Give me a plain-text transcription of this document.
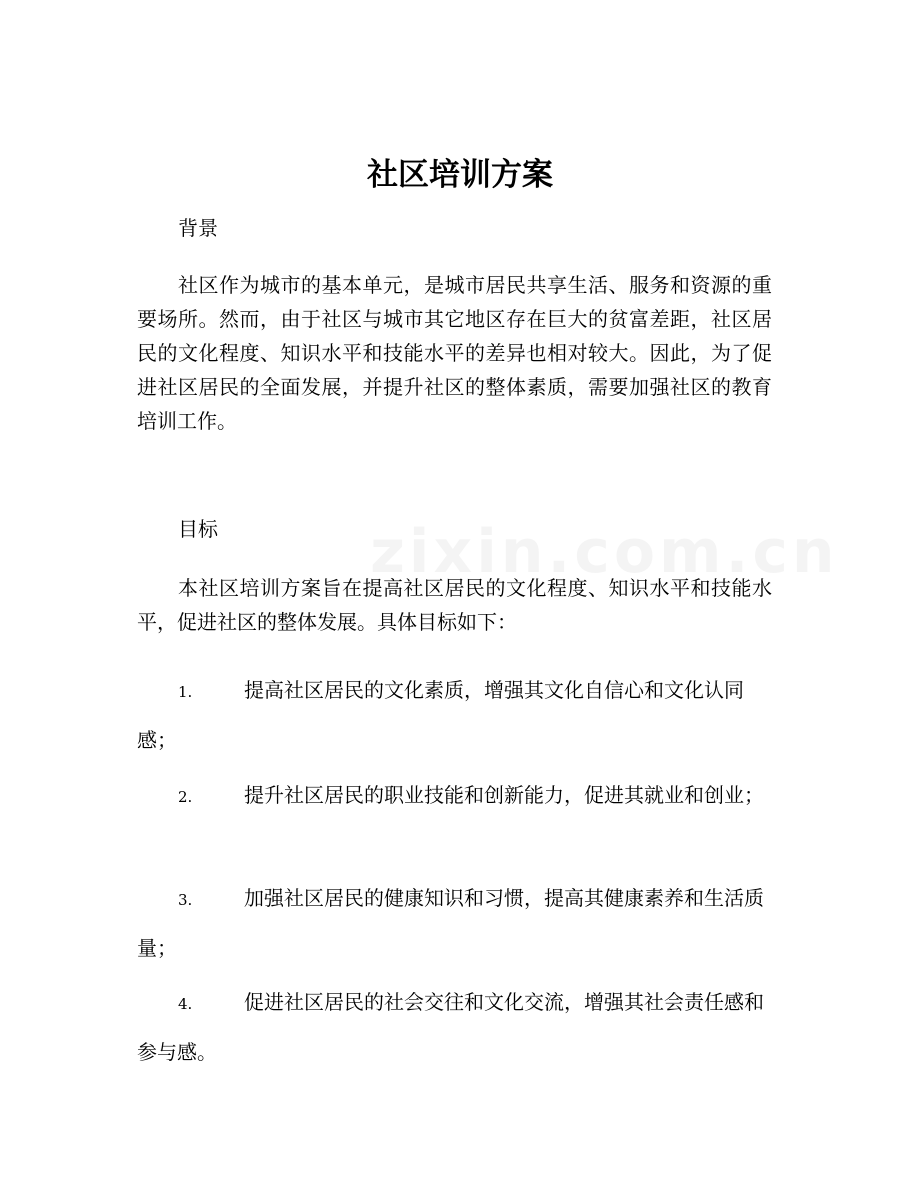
社区培训方案
背景

社区作为城市的基本单元，是城市居民共享生活、服务和资源的重要场所。然而，由于社区与城市其它地区存在巨大的贫富差距，社区居民的文化程度、知识水平和技能水平的差异也相对较大。因此，为了促进社区居民的全面发展，并提升社区的整体素质，需要加强社区的教育培训工作。

目标

本社区培训方案旨在提高社区居民的文化程度、知识水平和技能水平，促进社区的整体发展。具体目标如下：

1.	提高社区居民的文化素质，增强其文化自信心和文化认同感；

2.	提升社区居民的职业技能和创新能力，促进其就业和创业；

3.	加强社区居民的健康知识和习惯，提高其健康素养和生活质量；

4.	促进社区居民的社会交往和文化交流，增强其社会责任感和参与感。
